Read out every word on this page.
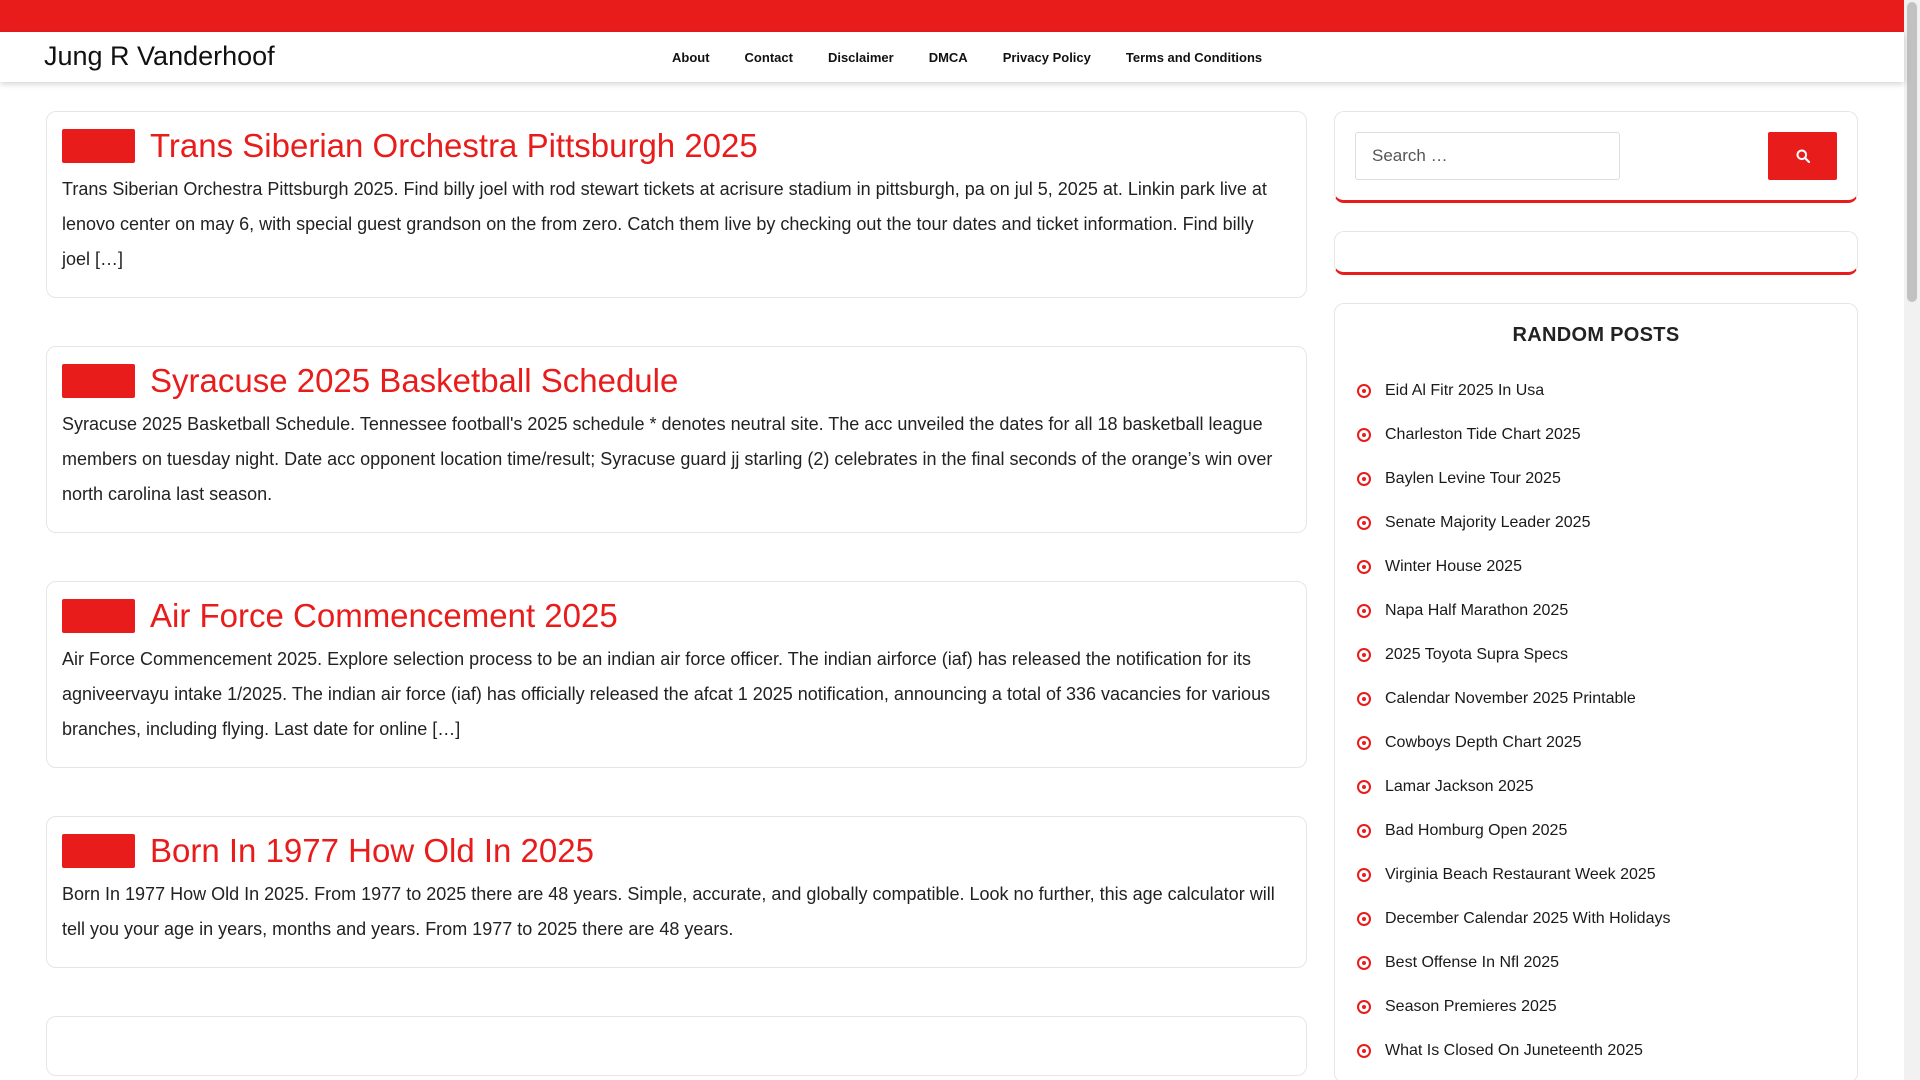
Jung R Vanderhoof	About	Contact	Disclaimer	DMCA	Privacy Policy	Terms and Conditions
Trans Siberian Orchestra Pittsburgh 2025

Trans Siberian Orchestra Pittsburgh 2025. Find billy joel with rod stewart tickets at acrisure stadium in pittsburgh, pa on jul 5, 2025 at. Linkin park live at lenovo center on may 6, with special guest grandson on the from zero. Catch them live by checking out the tour dates and ticket information. Find billy joel […]

Syracuse 2025 Basketball Schedule

Syracuse 2025 Basketball Schedule. Tennessee football's 2025 schedule * denotes neutral site. The acc unveiled the dates for all 18 basketball league members on tuesday night. Date acc opponent location time/result; Syracuse guard jj starling (2) celebrates in the final seconds of the orange’s win over north carolina last season.

Air Force Commencement 2025

Air Force Commencement 2025. Explore selection process to be an indian air force officer. The indian airforce (iaf) has released the notification for its agniveervayu intake 1/2025. The indian air force (iaf) has officially released the afcat 1 2025 notification, announcing a total of 336 vacancies for various branches, including flying. Last date for online […]

Born In 1977 How Old In 2025

Born In 1977 How Old In 2025. From 1977 to 2025 there are 48 years. Simple, accurate, and globally compatible. Look no further, this age calculator will tell you your age in years, months and years. From 1977 to 2025 there are 48 years.

Search …
RANDOM POSTS
Eid Al Fitr 2025 In Usa
Charleston Tide Chart 2025
Baylen Levine Tour 2025
Senate Majority Leader 2025
Winter House 2025
Napa Half Marathon 2025
2025 Toyota Supra Specs
Calendar November 2025 Printable
Cowboys Depth Chart 2025
Lamar Jackson 2025
Bad Homburg Open 2025
Virginia Beach Restaurant Week 2025
December Calendar 2025 With Holidays
Best Offense In Nfl 2025
Season Premieres 2025
What Is Closed On Juneteenth 2025
